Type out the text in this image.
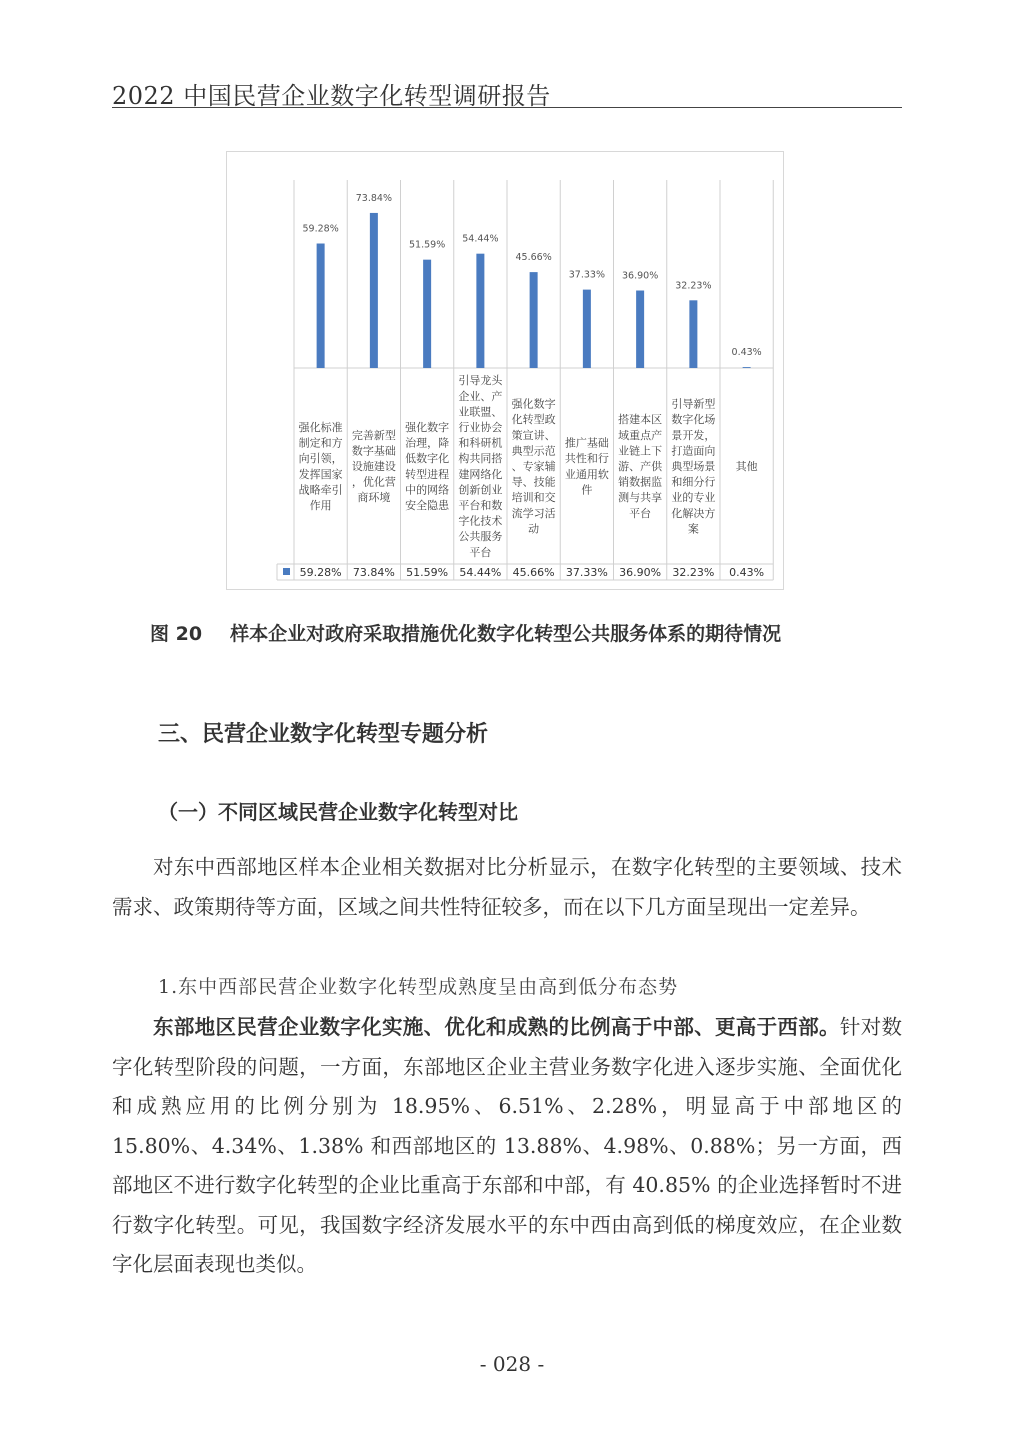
2022 中国民营企业数字化转型调研报告
59.28%
强化标准制定和方向引领，发挥国家战略牵引作用
59.28%
73.84%
完善新型数字基础设施建设，优化营商环境
73.84%
51.59%
强化数字治理，降低数字化转型进程中的网络安全隐患
51.59%
54.44%
引导龙头企业、产业联盟、行业协会和科研机构共同搭建网络化创新创业平台和数字化技术公共服务平台
54.44%
45.66%
强化数字化转型政策宣讲、典型示范、专家辅导、技能培训和交流学习活动
45.66%
37.33%
推广基础共性和行业通用软件
37.33%
36.90%
搭建本区域重点产业链上下游、产供销数据监测与共享平台
36.90%
32.23%
引导新型数字化场景开发，打造面向典型场景和细分行业的专业化解决方案
32.23%
0.43%
其他
0.43%
图 20 样本企业对政府采取措施优化数字化转型公共服务体系的期待情况
三、民营企业数字化转型专题分析
（一）不同区域民营企业数字化转型对比
对东中西部地区样本企业相关数据对比分析显示，在数字化转型的主要领域、技术需求、政策期待等方面，区域之间共性特征较多，而在以下几方面呈现出一定差异。
1.东中西部民营企业数字化转型成熟度呈由高到低分布态势
东部地区民营企业数字化实施、优化和成熟的比例高于中部、更高于西部。针对数字化转型阶段的问题，一方面，东部地区企业主营业务数字化进入逐步实施、全面优化和成熟应用的比例分别为 18.95%、6.51%、2.28%，明显高于中部地区的 15.80%、4.34%、1.38% 和西部地区的 13.88%、4.98%、0.88%；另一方面，西部地区不进行数字化转型的企业比重高于东部和中部，有 40.85% 的企业选择暂时不进行数字化转型。可见，我国数字经济发展水平的东中西由高到低的梯度效应，在企业数字化层面表现也类似。
- 028 -
